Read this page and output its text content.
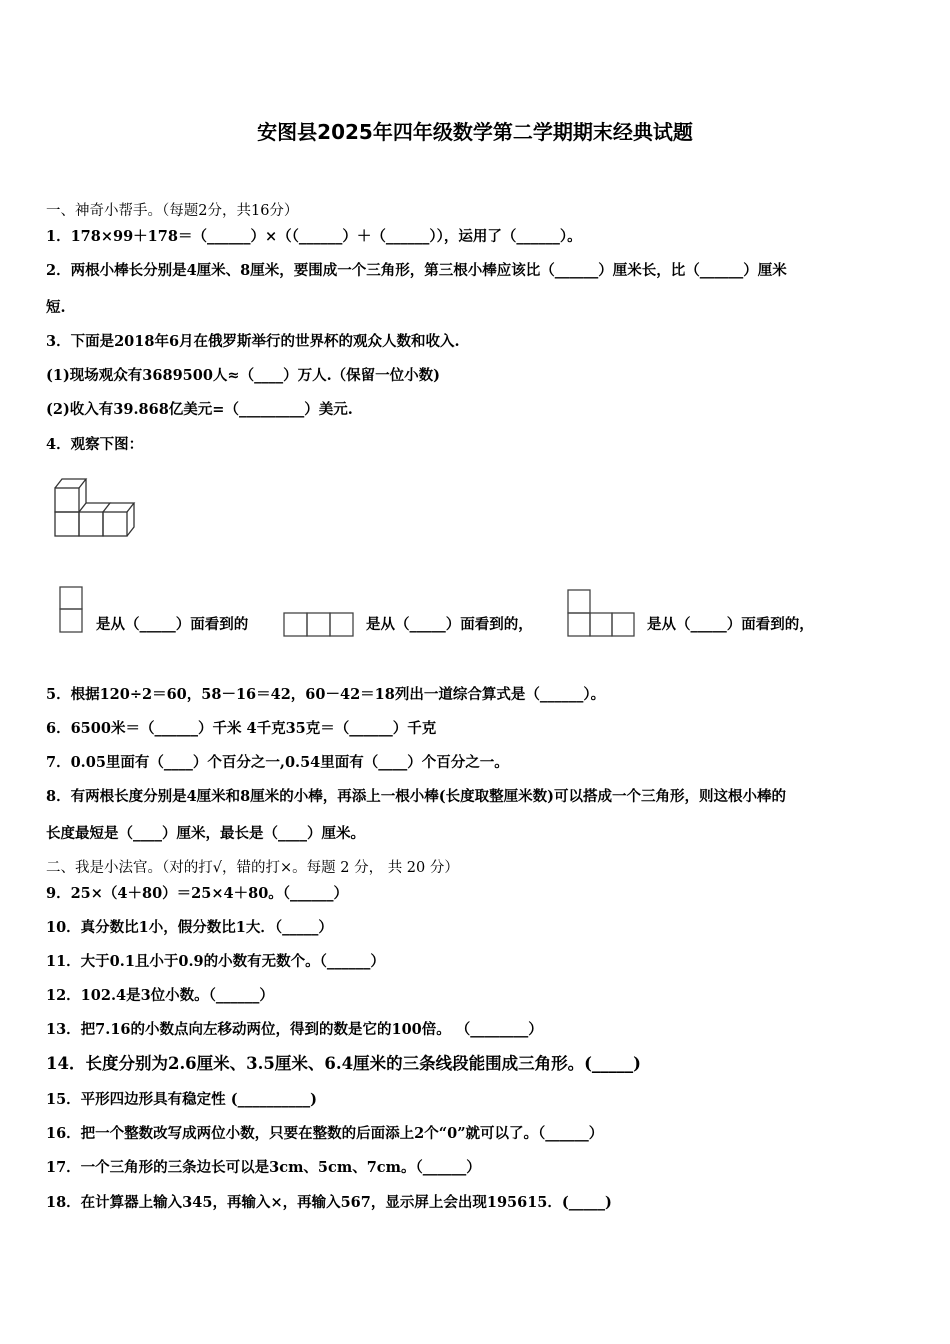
安图县2025年四年级数学第二学期期末经典试题
一、神奇小帮手。（每题2分，共16分）
1．178×99＋178＝（______）×（（______）＋（______）），运用了（______）。
2．两根小棒长分别是4厘米、8厘米，要围成一个三角形，第三根小棒应该比（______）厘米长，比（______）厘米
短.
3．下面是2018年6月在俄罗斯举行的世界杯的观众人数和收入.
(1)现场观众有3689500人≈（____）万人.（保留一位小数)
(2)收入有39.868亿美元=（_________）美元.
4．观察下图：
是从（_____）面看到的	是从（_____）面看到的，	是从（_____）面看到的，
5．根据120÷2＝60，58－16＝42，60－42＝18列出一道综合算式是（______）。
6．6500米＝（______）千米 4千克35克＝（______）千克
7．0.05里面有（____）个百分之一,0.54里面有（____）个百分之一。
8．有两根长度分别是4厘米和8厘米的小棒，再添上一根小棒(长度取整厘米数)可以搭成一个三角形，则这根小棒的
长度最短是（____）厘米，最长是（____）厘米。
二、我是小法官。（对的打√，错的打×。每题 2 分， 共 20 分）
9．25×（4＋80）＝25×4＋80。（______）
10．真分数比1小，假分数比1大．（_____）
11．大于0.1且小于0.9的小数有无数个。（______）
12．102.4是3位小数。（______）
13．把7.16的小数点向左移动两位，得到的数是它的100倍。 （________）
14．长度分别为2.6厘米、3.5厘米、6.4厘米的三条线段能围成三角形。(_____)
15．平形四边形具有稳定性 (__________)
16．把一个整数改写成两位小数，只要在整数的后面添上2个“0”就可以了。（______）
17．一个三角形的三条边长可以是3cm、5cm、7cm。（______）
18．在计算器上输入345，再输入×，再输入567，显示屏上会出现195615．(_____)
